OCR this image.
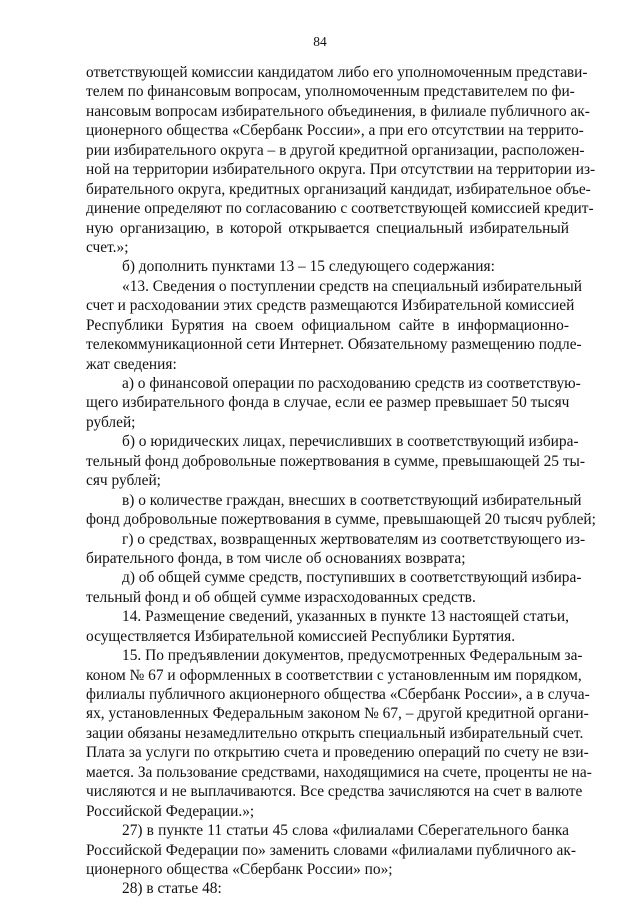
84
ответствующей комиссии кандидатом либо его уполномоченным представи-
телем по финансовым вопросам, уполномоченным представителем по фи-
нансовым вопросам избирательного объединения, в филиале публичного ак-
ционерного общества «Сбербанк России», а при его отсутствии на террито-
рии избирательного округа – в другой кредитной организации, расположен-
ной на территории избирательного округа. При отсутствии на территории из-
бирательного округа, кредитных организаций кандидат, избирательное объе-
динение определяют по согласованию с соответствующей комиссией кредит-
ную организацию, в которой открывается специальный избирательный
счет.»;
б) дополнить пунктами 13 – 15 следующего содержания:
«13. Сведения о поступлении средств на специальный избирательный
счет и расходовании этих средств размещаются Избирательной комиссией
Республики Бурятия на своем официальном сайте в информационно-
телекоммуникационной сети Интернет. Обязательному размещению подле-
жат сведения:
а) о финансовой операции по расходованию средств из соответствую-
щего избирательного фонда в случае, если ее размер превышает 50 тысяч
рублей;
б) о юридических лицах, перечисливших в соответствующий избира-
тельный фонд добровольные пожертвования в сумме, превышающей 25 ты-
сяч рублей;
в) о количестве граждан, внесших в соответствующий избирательный
фонд добровольные пожертвования в сумме, превышающей 20 тысяч рублей;
г) о средствах, возвращенных жертвователям из соответствующего из-
бирательного фонда, в том числе об основаниях возврата;
д) об общей сумме средств, поступивших в соответствующий избира-
тельный фонд и об общей сумме израсходованных средств.
14. Размещение сведений, указанных в пункте 13 настоящей статьи,
осуществляется Избирательной комиссией Республики Буртятия.
15. По предъявлении документов, предусмотренных Федеральным за-
коном № 67 и оформленных в соответствии с установленным им порядком,
филиалы публичного акционерного общества «Сбербанк России», а в случа-
ях, установленных Федеральным законом № 67, – другой кредитной органи-
зации обязаны незамедлительно открыть специальный избирательный счет.
Плата за услуги по открытию счета и проведению операций по счету не взи-
мается. За пользование средствами, находящимися на счете, проценты не на-
числяются и не выплачиваются. Все средства зачисляются на счет в валюте
Российской Федерации.»;
27) в пункте 11 статьи 45 слова «филиалами Сберегательного банка
Российской Федерации по» заменить словами «филиалами публичного ак-
ционерного общества «Сбербанк России» по»;
28) в статье 48:
